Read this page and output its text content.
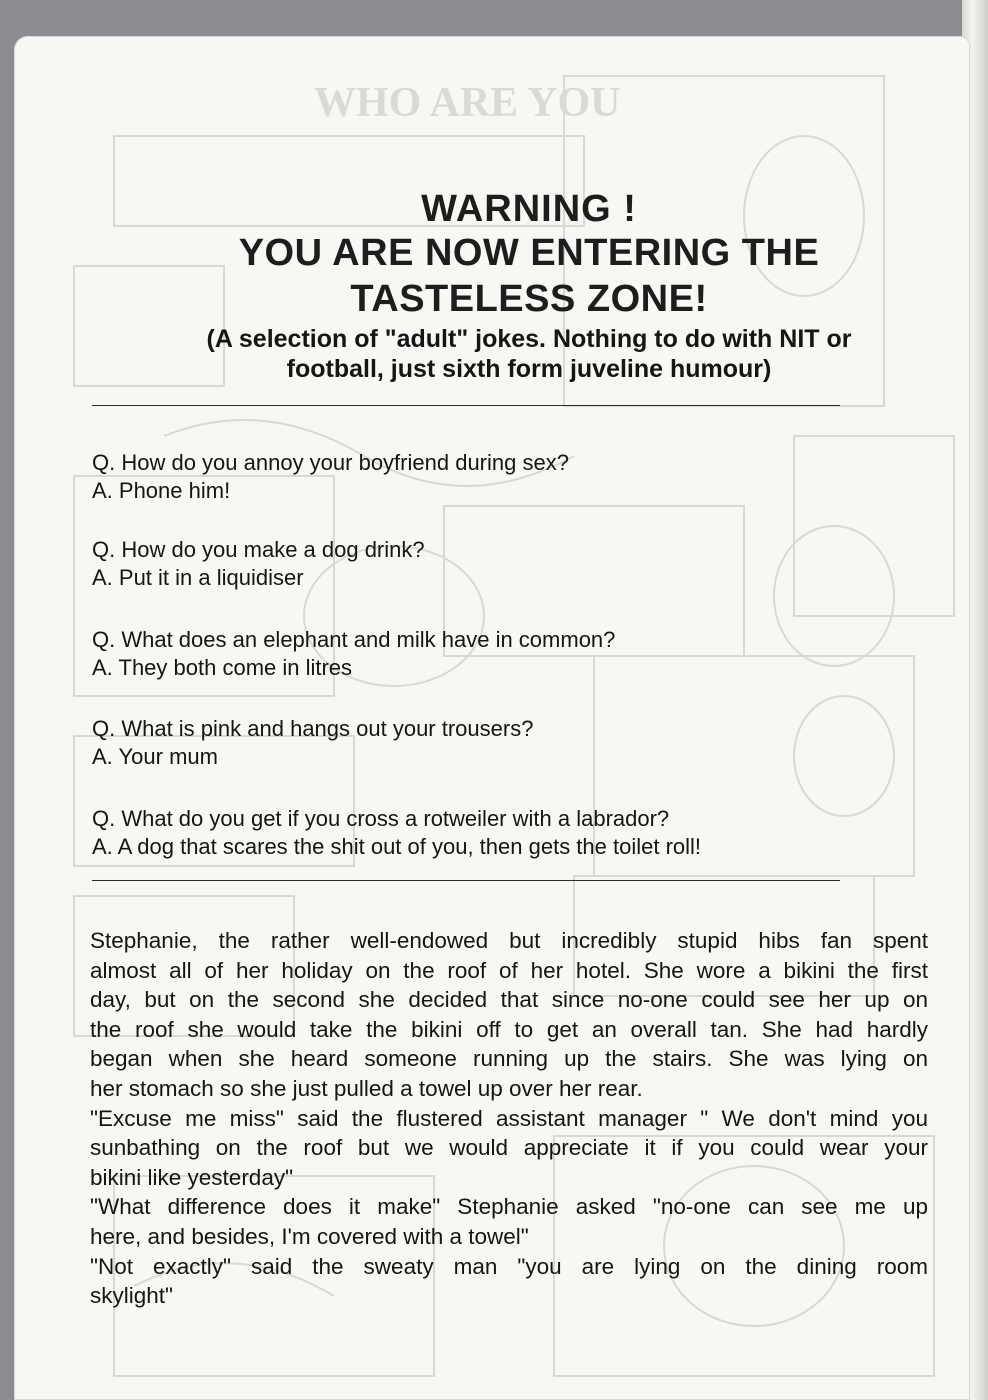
WHO ARE YOU
WARNING !
YOU ARE NOW ENTERING THE
TASTELESS ZONE!
(A selection of "adult" jokes. Nothing to do with NIT or
football, just sixth form juveline humour)

Q. How do you annoy your boyfriend during sex?

A. Phone him!

Q. How do you make a dog drink?

A. Put it in a liquidiser

Q. What does an elephant and milk have in common?

A. They both come in litres

Q. What is pink and hangs out your trousers?

A. Your mum

Q. What do you get if you cross a rotweiler with a labrador?

A. A dog that scares the shit out of you, then gets the toilet roll!

Stephanie, the rather well-endowed but incredibly stupid hibs fan spent

almost all of her holiday on the roof of her hotel. She wore a bikini the first

day, but on the second she decided that since no-one could see her up on

the roof she would take the bikini off to get an overall tan. She had hardly

began when she heard someone running up the stairs. She was lying on

her stomach so she just pulled a towel up over her rear.

"Excuse me miss" said the flustered assistant manager " We don't mind you

sunbathing on the roof but we would appreciate it if you could wear your

bikini like yesterday"

"What difference does it make" Stephanie asked "no-one can see me up

here, and besides, I'm covered with a towel"

"Not exactly" said the sweaty man "you are lying on the dining room

skylight"
